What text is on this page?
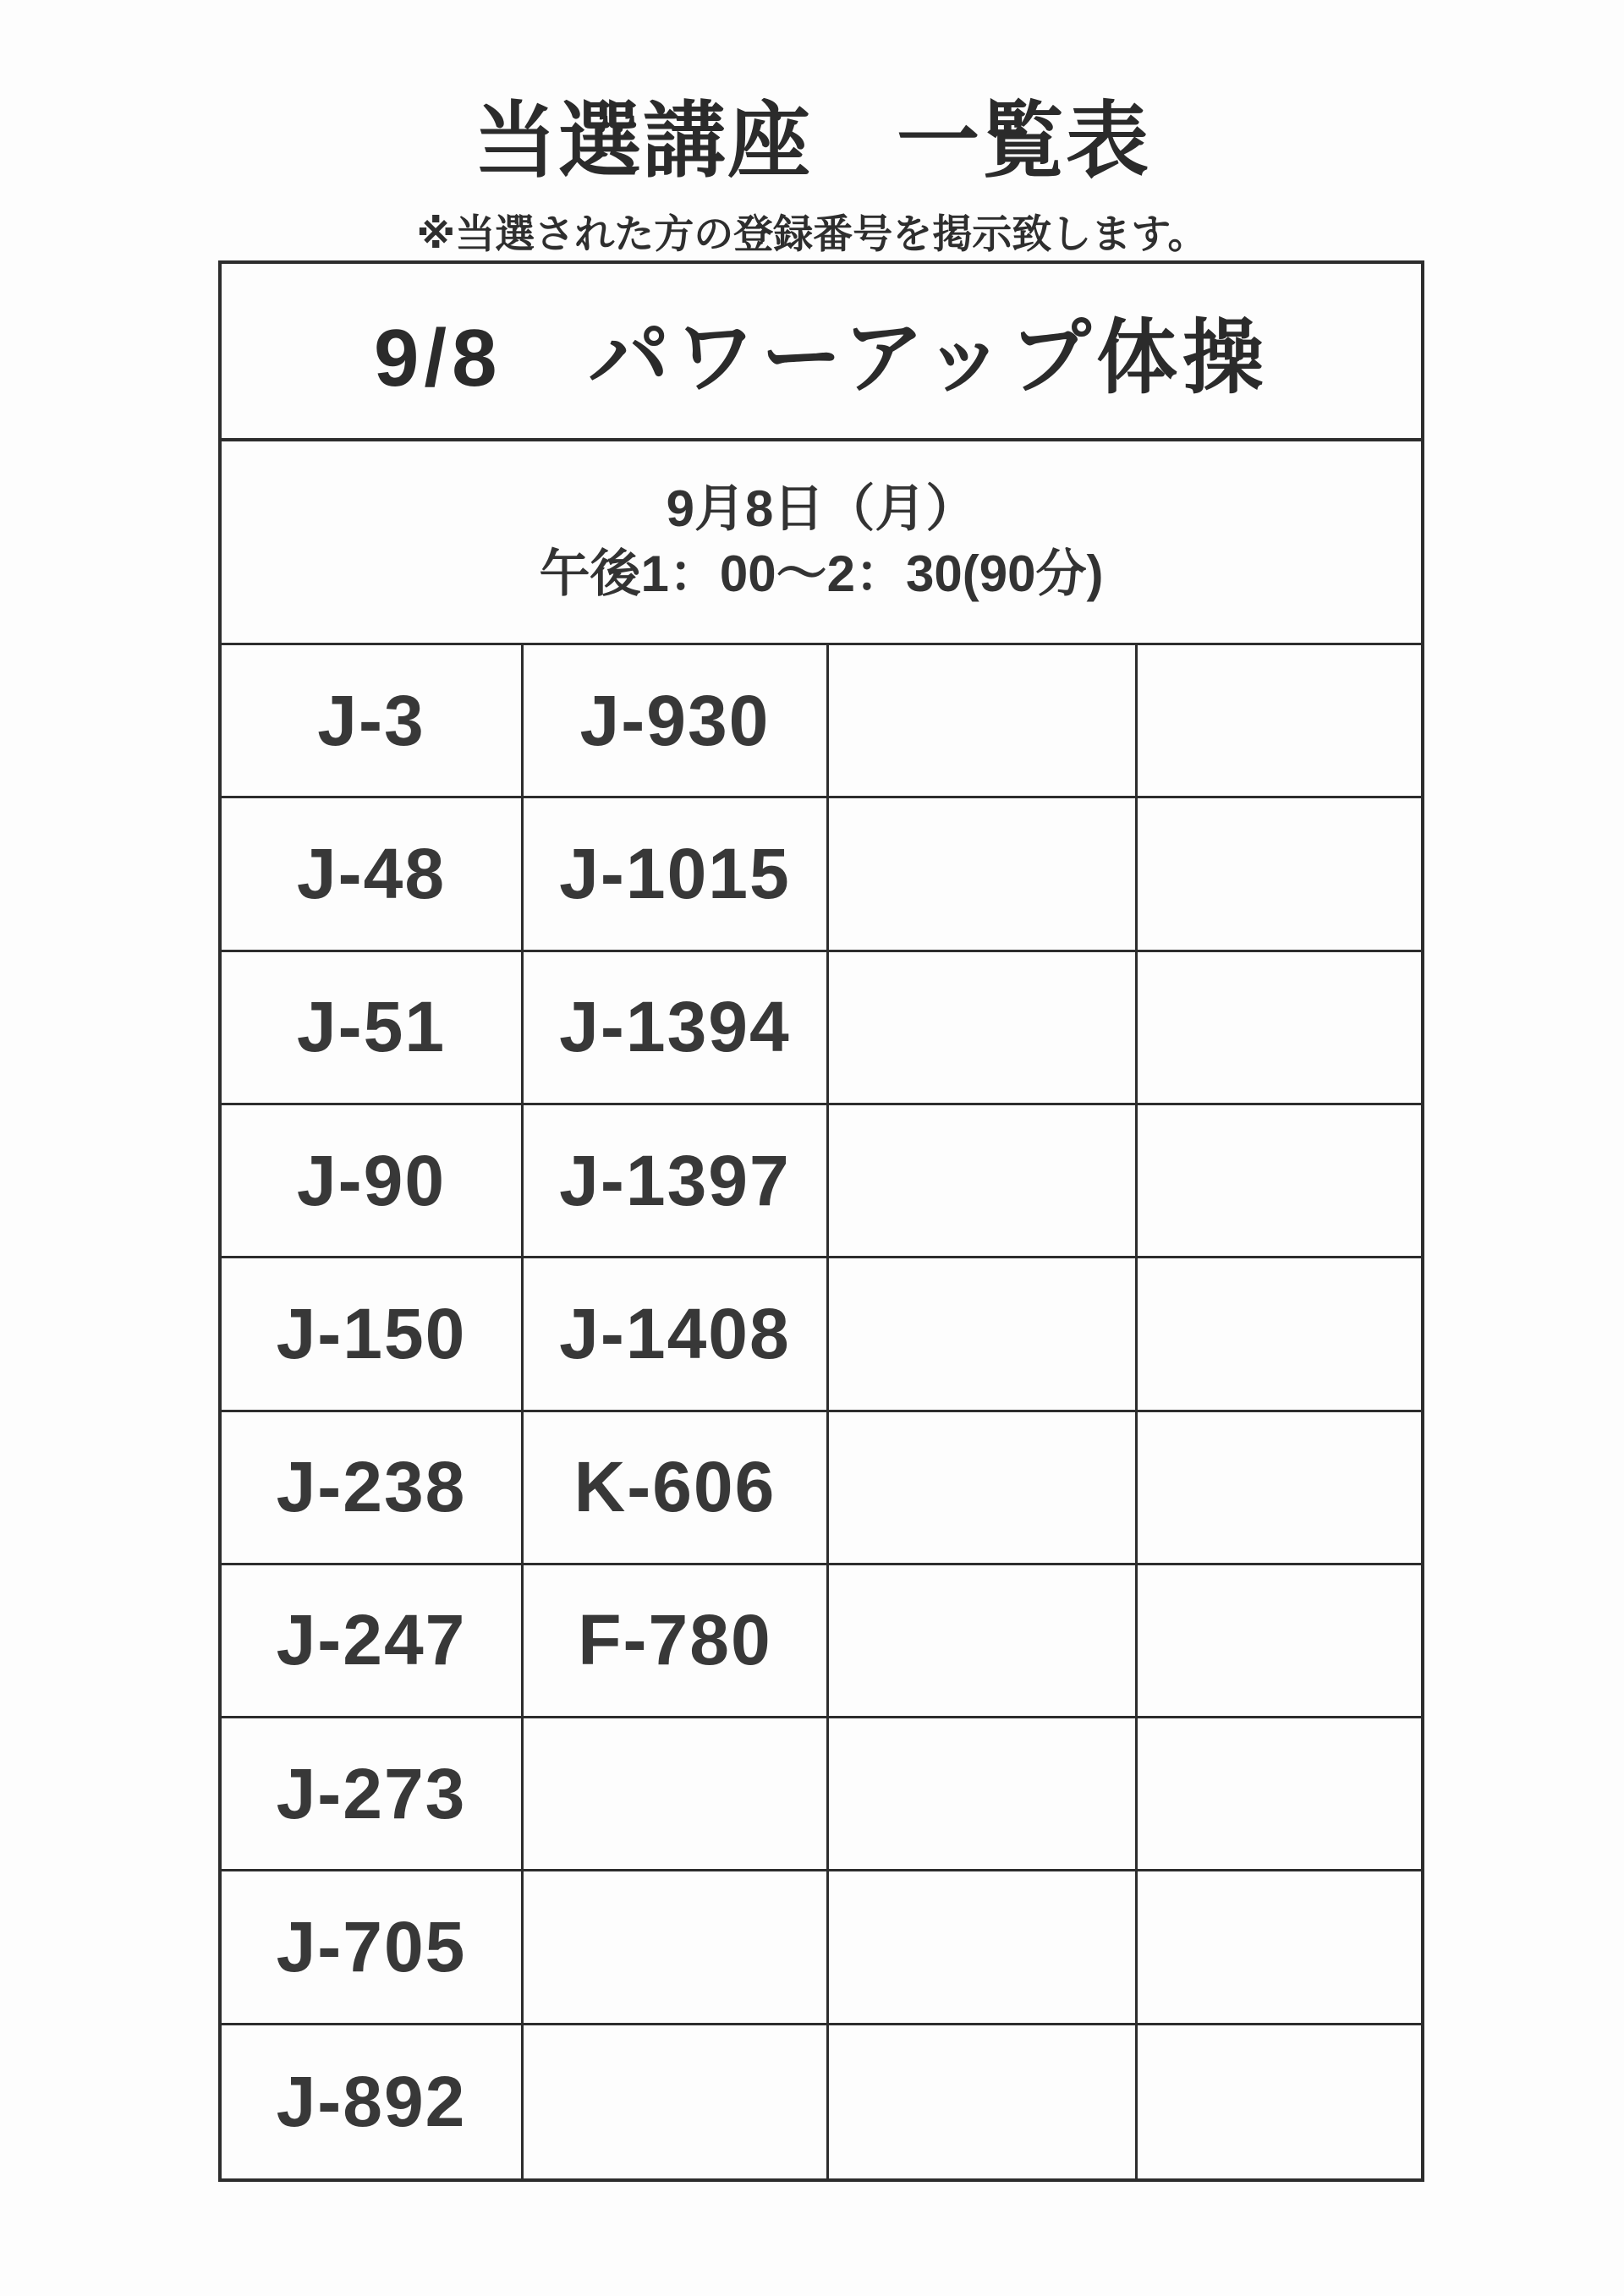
当選講座　一覧表
※当選された方の登録番号を掲示致します。
9/8　パワーアップ体操
9月8日（月）
午後1：00～2：30(90分)
J-3	J-930
J-48	J-1015
J-51	J-1394
J-90	J-1397
J-150	J-1408
J-238	K-606
J-247	F-780
J-273
J-705
J-892
